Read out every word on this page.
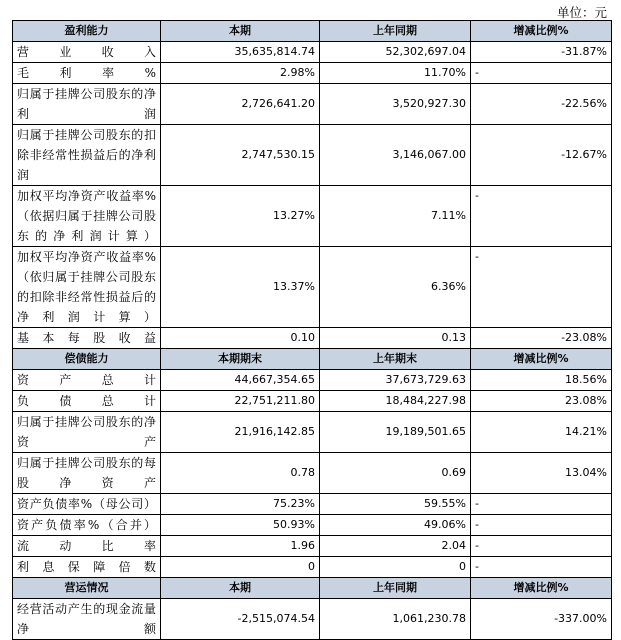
单位：元
盈利能力	本期	上年同期	增减比例%
营业收入	35,635,814.74	52,302,697.04	-31.87%
毛利率%	2.98%	11.70%	-
归属于挂牌公司股东的净利润	2,726,641.20	3,520,927.30	-22.56%
归属于挂牌公司股东的扣除非经常性损益后的净利润	2,747,530.15	3,146,067.00	-12.67%
加权平均净资产收益率%（依据归属于挂牌公司股东的净利润计算）	13.27%	7.11%	-
加权平均净资产收益率%（依归属于挂牌公司股东的扣除非经常性损益后的净利润计算）	13.37%	6.36%	-
基本每股收益	0.10	0.13	-23.08%
偿债能力	本期期末	上年期末	增减比例%
资产总计	44,667,354.65	37,673,729.63	18.56%
负债总计	22,751,211.80	18,484,227.98	23.08%
归属于挂牌公司股东的净资产	21,916,142.85	19,189,501.65	14.21%
归属于挂牌公司股东的每股净资产	0.78	0.69	13.04%
资产负债率%（母公司）	75.23%	59.55%	-
资产负债率%（合并）	50.93%	49.06%	-
流动比率	1.96	2.04	-
利息保障倍数	0	0	-
营运情况	本期	上年同期	增减比例%
经营活动产生的现金流量净额	-2,515,074.54	1,061,230.78	-337.00%
